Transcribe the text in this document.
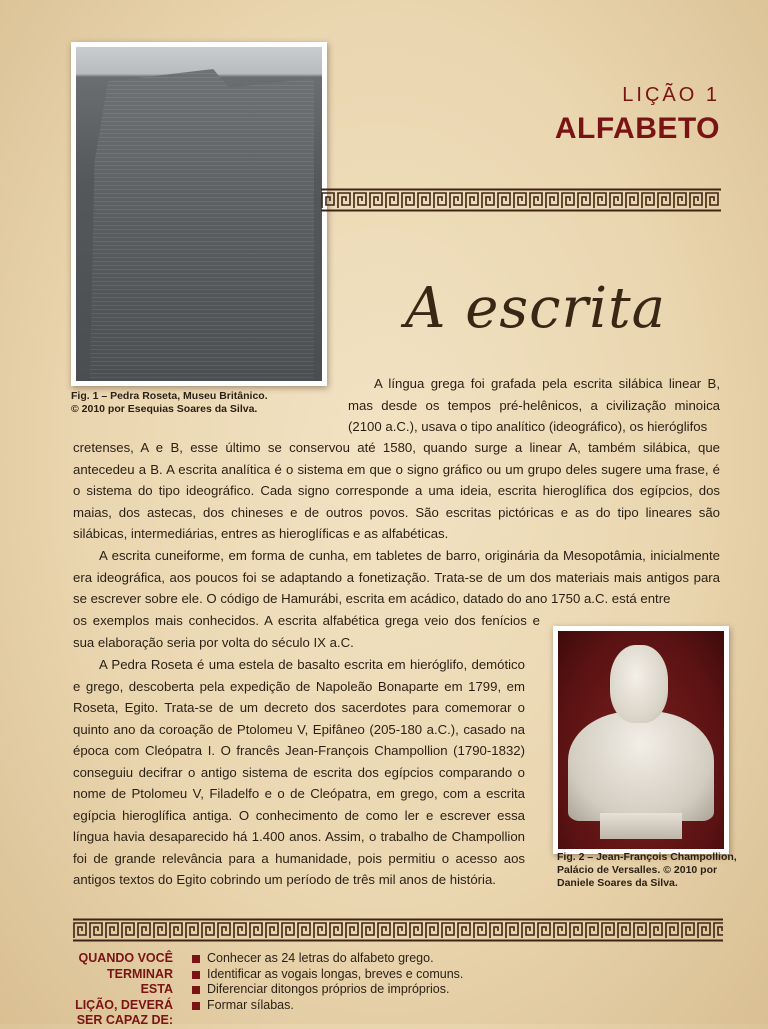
Fig. 1 – Pedra Roseta, Museu Britânico.
© 2010 por Esequias Soares da Silva.
LIÇÃO 1
ALFABETO
A escrita

A língua grega foi grafada pela escrita silábica linear B, mas desde os tempos pré-helênicos, a civilização minoica (2100 a.C.), usava o tipo analítico (ideográfico), os hieróglifos

cretenses, A e B, esse último se conservou até 1580, quando surge a linear A, também silábica, que antecedeu a B. A escrita analítica é o sistema em que o signo gráfico ou um grupo deles sugere uma frase, é o sistema do tipo ideográfico. Cada signo corresponde a uma ideia, escrita hieroglífica dos egípcios, dos maias, dos astecas, dos chineses e de outros povos. São escritas pictóricas e as do tipo lineares são silábicas, intermediárias, entres as hieroglíficas e as alfabéticas.

A escrita cuneiforme, em forma de cunha, em tabletes de barro, originária da Mesopotâmia, inicialmente era ideográfica, aos poucos foi se adaptando a fonetização. Trata-se de um dos materiais mais antigos para se escrever sobre ele. O código de Hamurábi, escrita em acádico, datado do ano 1750 a.C. está entre

os exemplos mais conhecidos. A escrita alfabética grega veio dos fenícios e sua elaboração seria por volta do século IX a.C.

A Pedra Roseta é uma estela de basalto escrita em hieróglifo, demótico e grego, descoberta pela expedição de Napoleão Bonaparte em 1799, em Roseta, Egito. Trata-se de um decreto dos sacerdotes para comemorar o quinto ano da coroação de Ptolomeu V, Epifâneo (205-180 a.C.), casado na época com Cleópatra I. O francês Jean-François Champollion (1790-1832) conseguiu decifrar o antigo sistema de escrita dos egípcios comparando o nome de Ptolomeu V, Filadelfo e o de Cleópatra, em grego, com a escrita egípcia hieroglífica antiga. O conhecimento de como ler e escrever essa língua havia desaparecido há 1.400 anos. Assim, o trabalho de Champollion foi de grande relevância para a humanidade, pois permitiu o acesso aos antigos textos do Egito cobrindo um período de três mil anos de história.

Fig. 2 – Jean-François Champollion,
Palácio de Versalles. © 2010 por
Daniele Soares da Silva.
QUANDO VOCÊ
TERMINAR ESTA
LIÇÃO, DEVERÁ
SER CAPAZ DE:
Conhecer as 24 letras do alfabeto grego.
Identificar as vogais longas, breves e comuns.
Diferenciar ditongos próprios de impróprios.
Formar sílabas.
